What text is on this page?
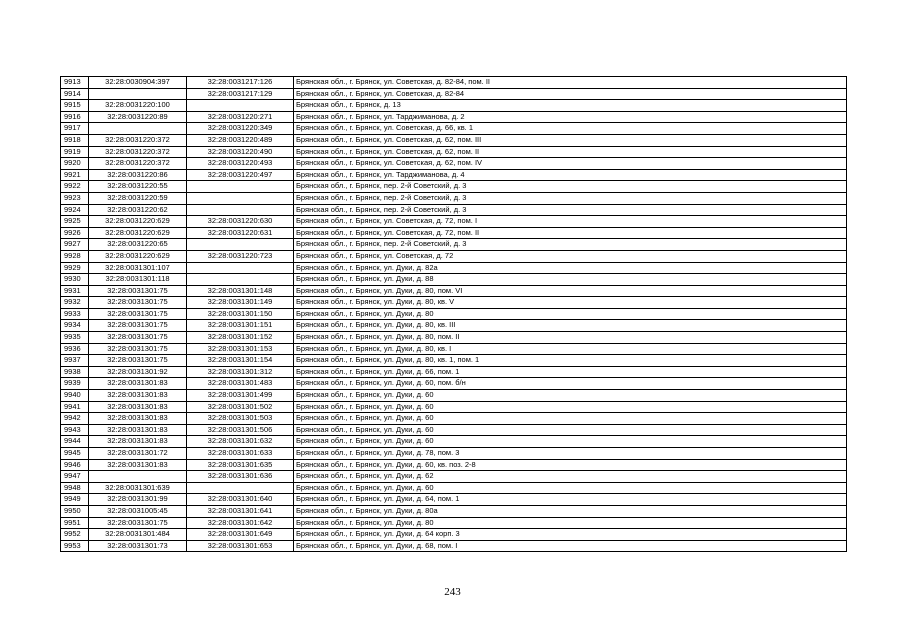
9913	32:28:0030904:397	32:28:0031217:126	Брянская обл., г. Брянск, ул. Советская, д. 82-84, пом. II
9914		32:28:0031217:129	Брянская обл., г. Брянск, ул. Советская, д. 82-84
9915	32:28:0031220:100		Брянская обл., г. Брянск, д. 13
9916	32:28:0031220:89	32:28:0031220:271	Брянская обл., г. Брянск, ул. Тарджиманова, д. 2
9917		32:28:0031220:349	Брянская обл., г. Брянск, ул. Советская, д. 66, кв. 1
9918	32:28:0031220:372	32:28:0031220:489	Брянская обл., г. Брянск, ул. Советская, д. 62, пом. III
9919	32:28:0031220:372	32:28:0031220:490	Брянская обл., г. Брянск, ул. Советская, д. 62, пом. II
9920	32:28:0031220:372	32:28:0031220:493	Брянская обл., г. Брянск, ул. Советская, д. 62, пом. IV
9921	32:28:0031220:86	32:28:0031220:497	Брянская обл., г. Брянск, ул. Тарджиманова, д. 4
9922	32:28:0031220:55		Брянская обл., г. Брянск, пер. 2-й Советский, д. 3
9923	32:28:0031220:59		Брянская обл., г. Брянск, пер. 2-й Советский, д. 3
9924	32:28:0031220:62		Брянская обл., г. Брянск, пер. 2-й Советский, д. 3
9925	32:28:0031220:629	32:28:0031220:630	Брянская обл., г. Брянск, ул. Советская, д. 72, пом. I
9926	32:28:0031220:629	32:28:0031220:631	Брянская обл., г. Брянск, ул. Советская, д. 72, пом. II
9927	32:28:0031220:65		Брянская обл., г. Брянск, пер. 2-й Советский, д. 3
9928	32:28:0031220:629	32:28:0031220:723	Брянская обл., г. Брянск, ул. Советская, д. 72
9929	32:28:0031301:107		Брянская обл., г. Брянск, ул. Дуки, д. 82а
9930	32:28:0031301:118		Брянская обл., г. Брянск, ул. Дуки, д. 88
9931	32:28:0031301:75	32:28:0031301:148	Брянская обл., г. Брянск, ул. Дуки, д. 80, пом. VI
9932	32:28:0031301:75	32:28:0031301:149	Брянская обл., г. Брянск, ул. Дуки, д. 80, кв. V
9933	32:28:0031301:75	32:28:0031301:150	Брянская обл., г. Брянск, ул. Дуки, д. 80
9934	32:28:0031301:75	32:28:0031301:151	Брянская обл., г. Брянск, ул. Дуки, д. 80, кв. III
9935	32:28:0031301:75	32:28:0031301:152	Брянская обл., г. Брянск, ул. Дуки, д. 80, пом. II
9936	32:28:0031301:75	32:28:0031301:153	Брянская обл., г. Брянск, ул. Дуки, д. 80, кв. I
9937	32:28:0031301:75	32:28:0031301:154	Брянская обл., г. Брянск, ул. Дуки, д. 80, кв. 1, пом. 1
9938	32:28:0031301:92	32:28:0031301:312	Брянская обл., г. Брянск, ул. Дуки, д. 66, пом. 1
9939	32:28:0031301:83	32:28:0031301:483	Брянская обл., г. Брянск, ул. Дуки, д. 60, пом. б/н
9940	32:28:0031301:83	32:28:0031301:499	Брянская обл., г. Брянск, ул. Дуки, д. 60
9941	32:28:0031301:83	32:28:0031301:502	Брянская обл., г. Брянск, ул. Дуки, д. 60
9942	32:28:0031301:83	32:28:0031301:503	Брянская обл., г. Брянск, ул. Дуки, д. 60
9943	32:28:0031301:83	32:28:0031301:506	Брянская обл., г. Брянск, ул. Дуки, д. 60
9944	32:28:0031301:83	32:28:0031301:632	Брянская обл., г. Брянск, ул. Дуки, д. 60
9945	32:28:0031301:72	32:28:0031301:633	Брянская обл., г. Брянск, ул. Дуки, д. 78, пом. 3
9946	32:28:0031301:83	32:28:0031301:635	Брянская обл., г. Брянск, ул. Дуки, д. 60, кв. поз. 2-8
9947		32:28:0031301:636	Брянская обл., г. Брянск, ул. Дуки, д. 62
9948	32:28:0031301:639		Брянская обл., г. Брянск, ул. Дуки, д. 60
9949	32:28:0031301:99	32:28:0031301:640	Брянская обл., г. Брянск, ул. Дуки, д. 64, пом. 1
9950	32:28:0031005:45	32:28:0031301:641	Брянская обл., г. Брянск, ул. Дуки, д. 80а
9951	32:28:0031301:75	32:28:0031301:642	Брянская обл., г. Брянск, ул. Дуки, д. 80
9952	32:28:0031301:484	32:28:0031301:649	Брянская обл., г. Брянск, ул. Дуки, д. 64 корп. 3
9953	32:28:0031301:73	32:28:0031301:653	Брянская обл., г. Брянск, ул. Дуки, д. 68, пом. I
243
